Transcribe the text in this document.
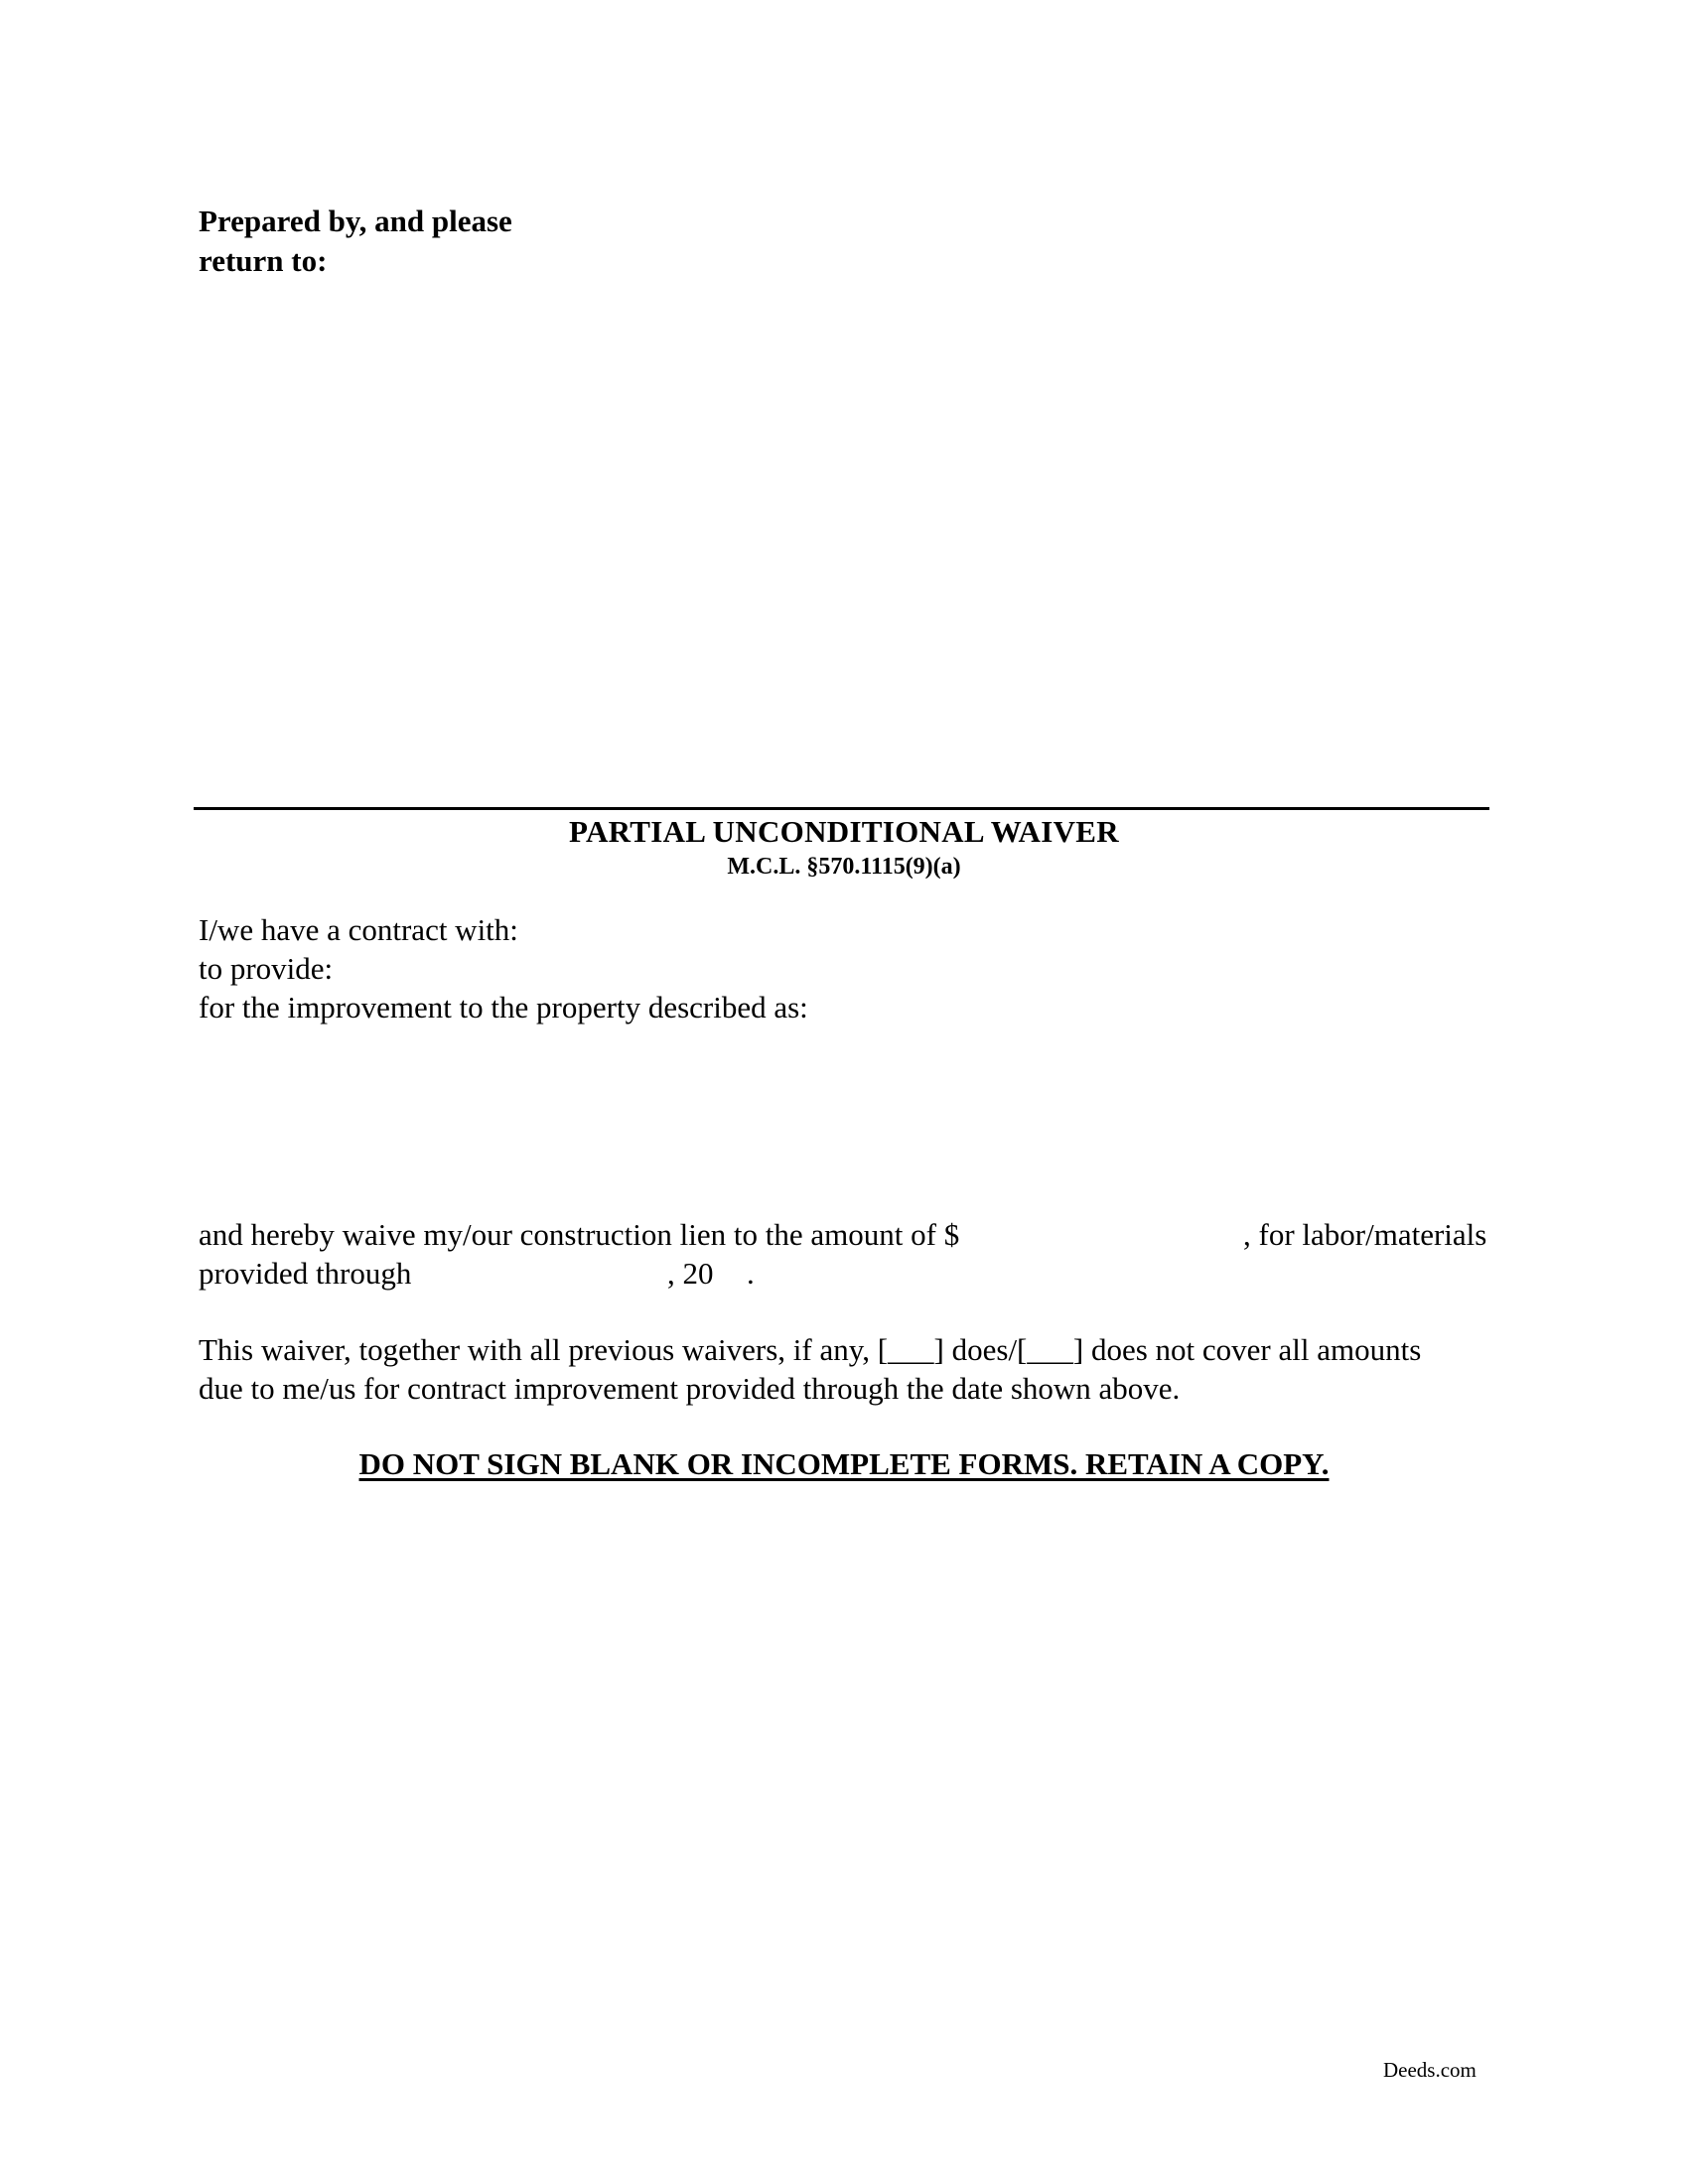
Prepared by, and please
return to:
PARTIAL UNCONDITIONAL WAIVER
M.C.L. §570.1115(9)(a)
I/we have a contract with:
to provide:
for the improvement to the property described as:
and hereby waive my/our construction lien to the amount of $	, for labor/materials
provided through	, 20 .
This waiver, together with all previous waivers, if any, [___] does/[___] does not cover all amounts
due to me/us for contract improvement provided through the date shown above.
DO NOT SIGN BLANK OR INCOMPLETE FORMS. RETAIN A COPY.
Deeds.com
